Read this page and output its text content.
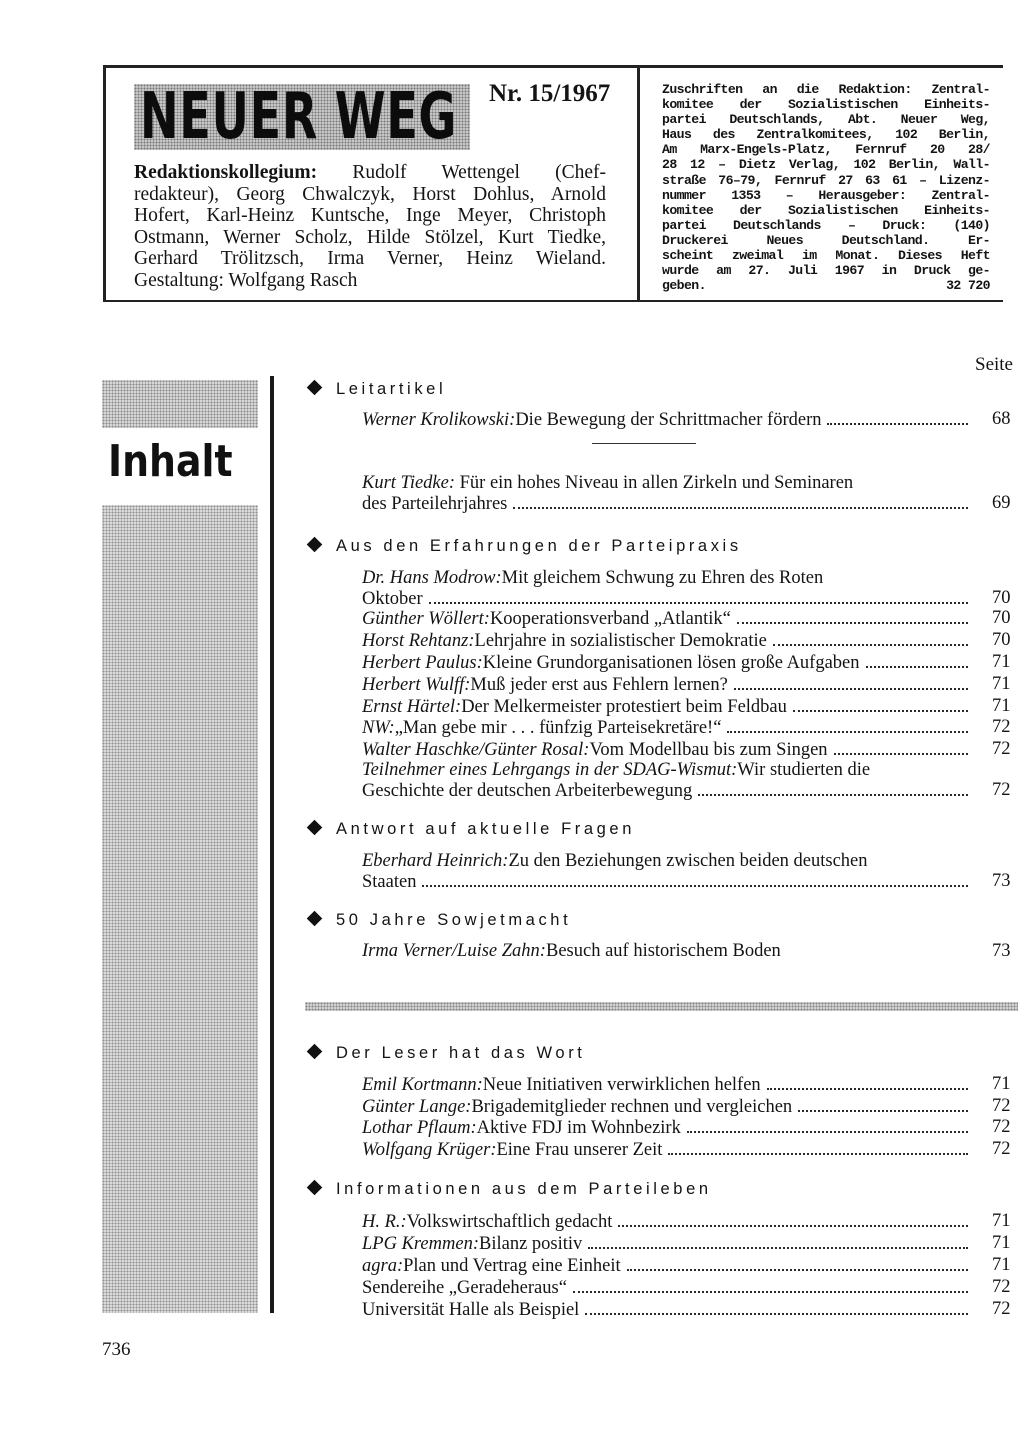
NEUER WEG Nr. 15/1967
Redaktionskollegium: Rudolf Wettengel (Chef-
redakteur), Georg Chwalczyk, Horst Dohlus, Arnold
Hofert, Karl-Heinz Kuntsche, Inge Meyer, Christoph
Ostmann, Werner Scholz, Hilde Stölzel, Kurt Tiedke,
Gerhard Trölitzsch, Irma Verner, Heinz Wieland.
Gestaltung: Wolfgang Rasch
Zuschriften an die Redaktion: Zentral-
komitee der Sozialistischen Einheits-
partei Deutschlands, Abt. Neuer Weg,
Haus des Zentralkomitees, 102 Berlin,
Am Marx-Engels-Platz, Fernruf 20 28/
28 12 – Dietz Verlag, 102 Berlin, Wall-
straße 76–79, Fernruf 27 63 61 – Lizenz-
nummer 1353 – Herausgeber: Zentral-
komitee der Sozialistischen Einheits-
partei Deutschlands – Druck: (140)
Druckerei Neues Deutschland. Er-
scheint zweimal im Monat. Dieses Heft
wurde am 27. Juli 1967 in Druck ge-
geben.	32 720
Inhalt
Seite
Leitartikel
Werner Krolikowski: Die Bewegung der Schrittmacher fördern	68
Kurt Tiedke: Für ein hohes Niveau in allen Zirkeln und Seminaren
des Parteilehrjahres	69
Aus den Erfahrungen der Parteipraxis
Dr. Hans Modrow: Mit gleichem Schwung zu Ehren des Roten
Oktober	70
Günther Wöllert: Kooperationsverband „Atlantik“	70
Horst Rehtanz: Lehrjahre in sozialistischer Demokratie	70
Herbert Paulus: Kleine Grundorganisationen lösen große Aufgaben	71
Herbert Wulff: Muß jeder erst aus Fehlern lernen?	71
Ernst Härtel: Der Melkermeister protestiert beim Feldbau	71
NW: „Man gebe mir . . . fünfzig Parteisekretäre!“	72
Walter Haschke/Günter Rosal: Vom Modellbau bis zum Singen	72
Teilnehmer eines Lehrgangs in der SDAG-Wismut: Wir studierten die
Geschichte der deutschen Arbeiterbewegung	72
Antwort auf aktuelle Fragen
Eberhard Heinrich: Zu den Beziehungen zwischen beiden deutschen
Staaten	73
50 Jahre Sowjetmacht
Irma Verner/Luise Zahn: Besuch auf historischem Boden	73
Der Leser hat das Wort
Emil Kortmann: Neue Initiativen verwirklichen helfen	71
Günter Lange: Brigademitglieder rechnen und vergleichen	72
Lothar Pflaum: Aktive FDJ im Wohnbezirk	72
Wolfgang Krüger: Eine Frau unserer Zeit	72
Informationen aus dem Parteileben
H. R.: Volkswirtschaftlich gedacht	71
LPG Kremmen: Bilanz positiv	71
agra: Plan und Vertrag eine Einheit	71
Sendereihe „Geradeheraus“	72
Universität Halle als Beispiel	72
736
